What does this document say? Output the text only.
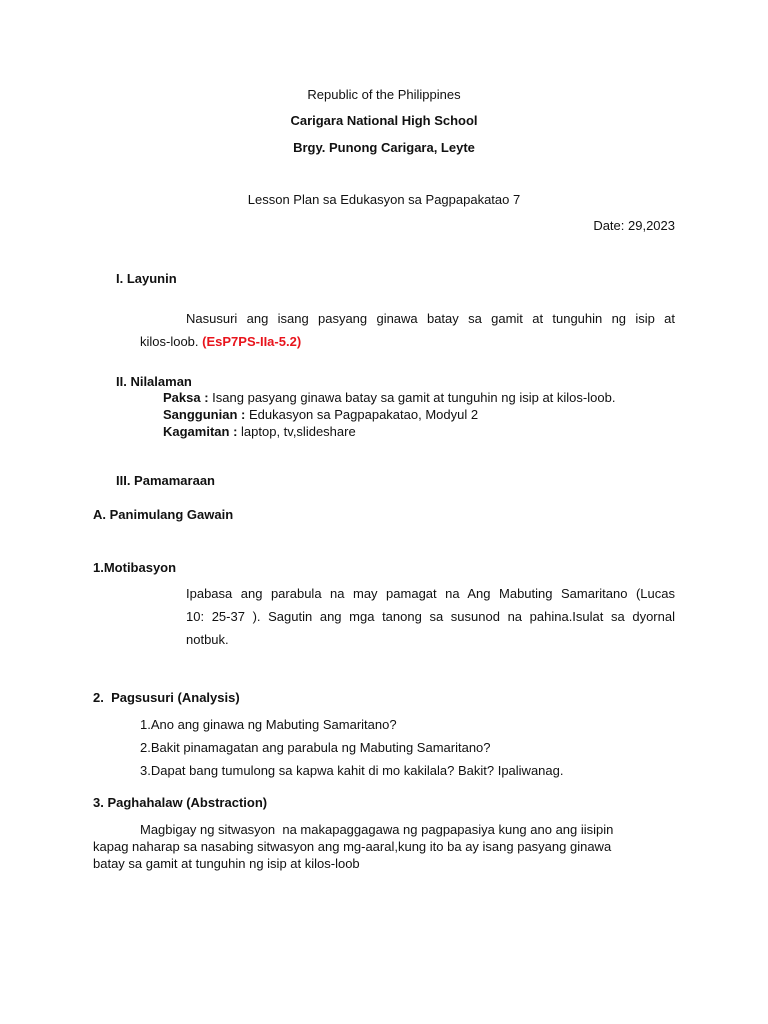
Republic of the Philippines
Carigara National High School
Brgy. Punong Carigara, Leyte
Lesson Plan sa Edukasyon sa Pagpapakatao 7
Date: 29,2023
I. Layunin
Nasusuri ang isang pasyang ginawa batay sa gamit at tunguhin ng isip at
kilos-loob. (EsP7PS-IIa-5.2)
II. Nilalaman
Paksa : Isang pasyang ginawa batay sa gamit at tunguhin ng isip at kilos-loob.
Sanggunian : Edukasyon sa Pagpapakatao, Modyul 2
Kagamitan : laptop, tv,slideshare
III. Pamamaraan
A. Panimulang Gawain
1.Motibasyon
Ipabasa ang parabula na may pamagat na Ang Mabuting Samaritano (Lucas
10: 25-37 ). Sagutin ang mga tanong sa susunod na pahina.Isulat sa dyornal
notbuk.
2.  Pagsusuri (Analysis)
1.Ano ang ginawa ng Mabuting Samaritano?
2.Bakit pinamagatan ang parabula ng Mabuting Samaritano?
3.Dapat bang tumulong sa kapwa kahit di mo kakilala? Bakit? Ipaliwanag.
3. Paghahalaw (Abstraction)
Magbigay ng sitwasyon  na makapaggagawa ng pagpapasiya kung ano ang iisipin
kapag naharap sa nasabing sitwasyon ang mg-aaral,kung ito ba ay isang pasyang ginawa
batay sa gamit at tunguhin ng isip at kilos-loob
